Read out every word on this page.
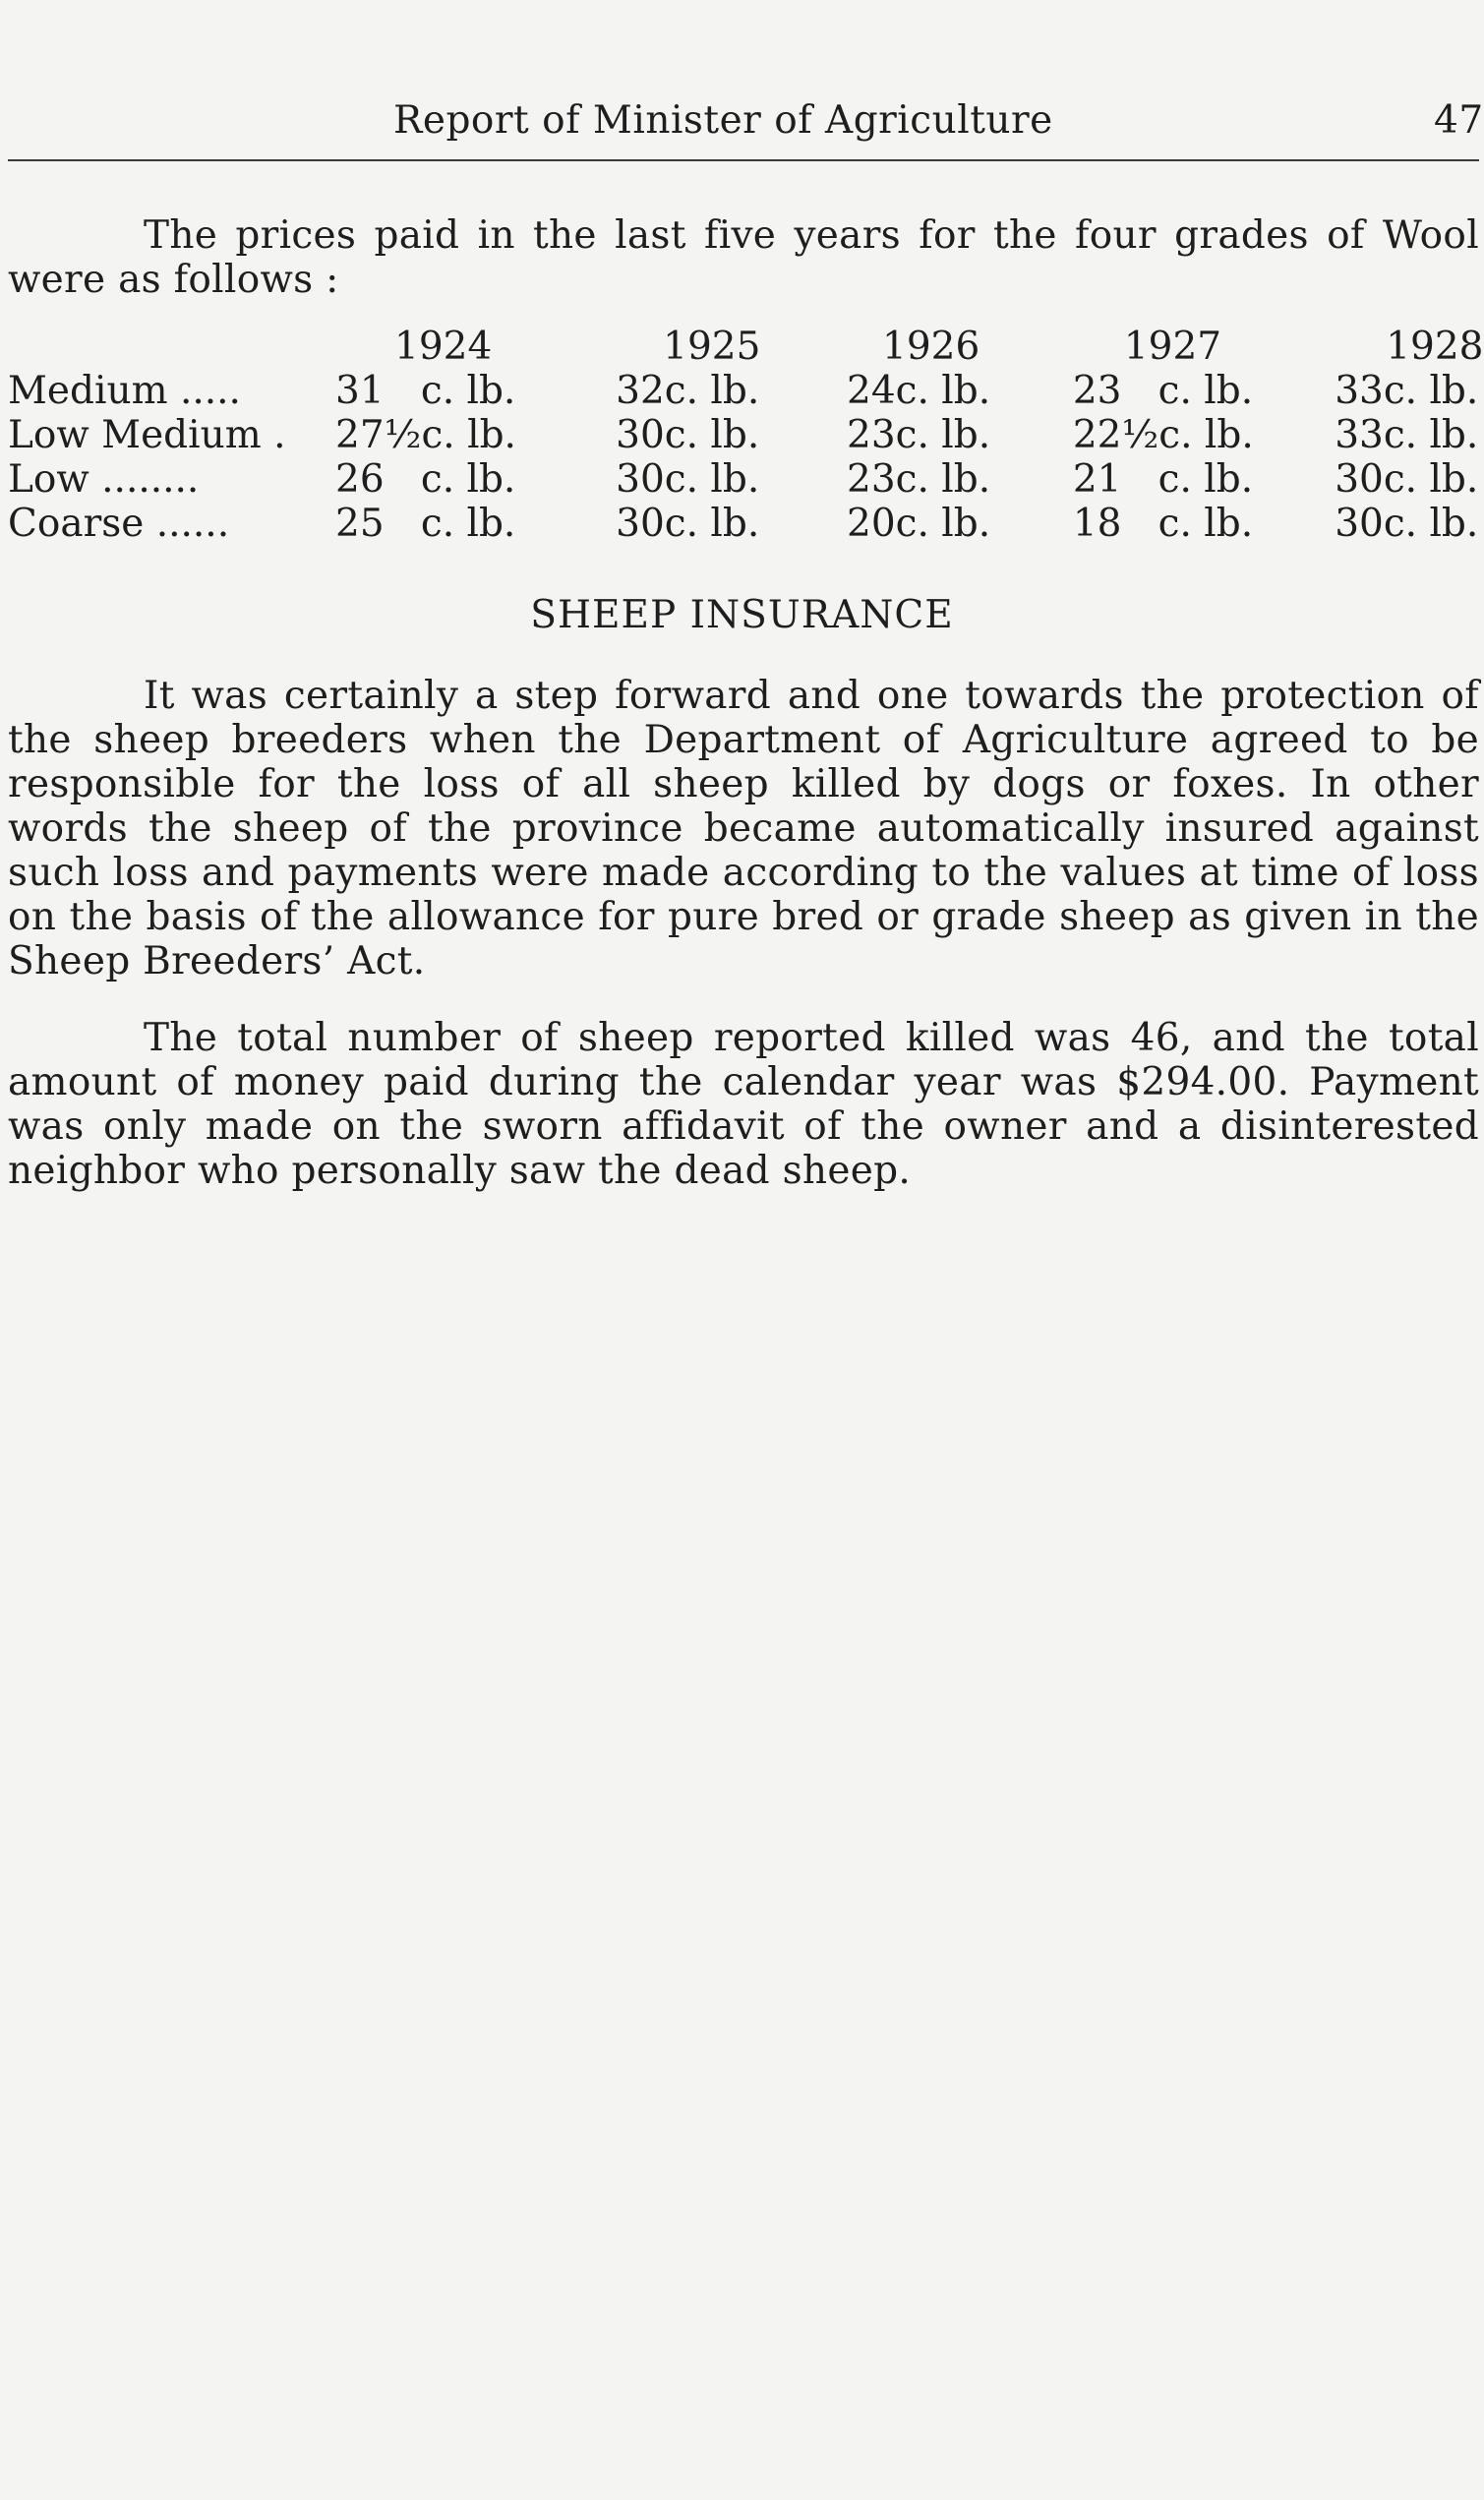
Report of Minister of Agriculture	47

The prices paid in the last five years for the four grades of Wool were as follows :

	1924	1925	1926	1927	1928
Medium .....	31   c. lb.	32c. lb.	24c. lb.	23   c. lb.	33c. lb.
Low Medium .	27½c. lb.	30c. lb.	23c. lb.	22½c. lb.	33c. lb.
Low ........	26   c. lb.	30c. lb.	23c. lb.	21   c. lb.	30c. lb.
Coarse ......	25   c. lb.	30c. lb.	20c. lb.	18   c. lb.	30c. lb.
SHEEP INSURANCE

It was certainly a step forward and one towards the protection of the sheep breeders when the Department of Agriculture agreed to be responsible for the loss of all sheep killed by dogs or foxes. In other words the sheep of the province became automatically insured against such loss and payments were made according to the values at time of loss on the basis of the allowance for pure bred or grade sheep as given in the Sheep Breeders’ Act.

The total number of sheep reported killed was 46, and the total amount of money paid during the calendar year was $294.00. Payment was only made on the sworn affidavit of the owner and a disinterested neighbor who personally saw the dead sheep.
